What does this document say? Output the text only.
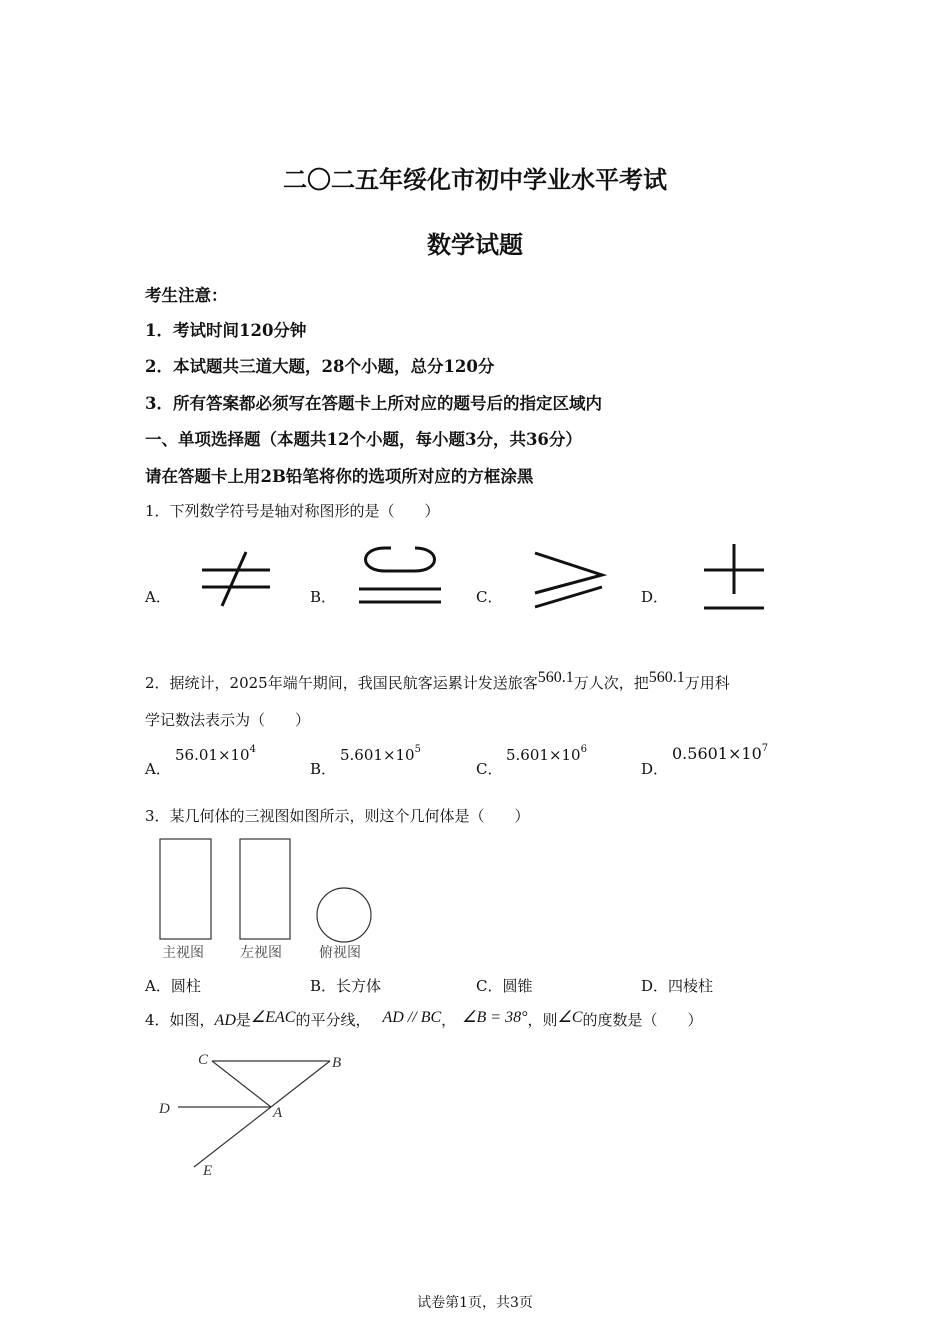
二〇二五年绥化市初中学业水平考试
数学试题
考生注意：
1．考试时间120分钟
2．本试题共三道大题，28个小题，总分120分
3．所有答案都必须写在答题卡上所对应的题号后的指定区域内
一、单项选择题（本题共12个小题，每小题3分，共36分）
请在答题卡上用2B铅笔将你的选项所对应的方框涂黑
1．下列数学符号是轴对称图形的是（　　）
A．	B．	C．	D．
2．据统计，2025年端午期间，我国民航客运累计发送旅客560.1万人次，把560.1万用科
学记数法表示为（　　）
A．
$56.01\times 10^4$
B．
$5.601\times 10^5$
C．
$5.601\times 10^6$
D．
$0.5601\times 10^7$
3．某几何体的三视图如图所示，则这个几何体是（　　）
主视图	左视图	俯视图
A．圆柱	B．长方体	C．圆锥	D．四棱柱
4．如图，AD是∠EAC的平分线， AD // BC， ∠B = 38°，则∠C的度数是（　　）
C	B
D	A
E
试卷第1页，共3页
